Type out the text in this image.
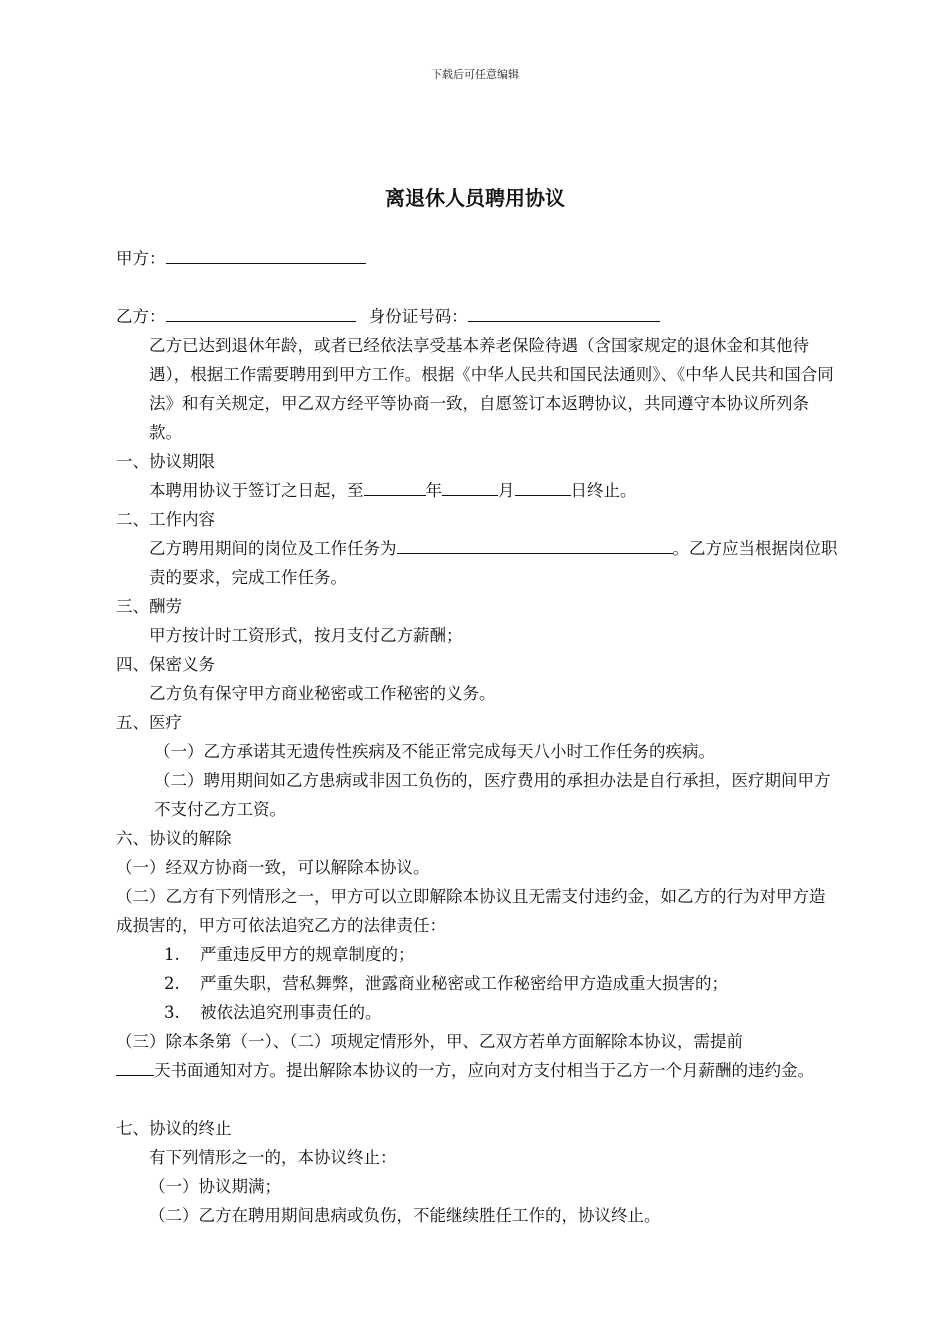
下载后可任意编辑
离退休人员聘用协议
甲方：
乙方：	身份证号码：
乙方已达到退休年龄，或者已经依法享受基本养老保险待遇（含国家规定的退休金和其他待遇），根据工作需要聘用到甲方工作。根据《中华人民共和国民法通则》、《中华人民共和国合同法》和有关规定，甲乙双方经平等协商一致，自愿签订本返聘协议，共同遵守本协议所列条款。
一、协议期限
本聘用协议于签订之日起，至	年	月	日终止。
二、工作内容
乙方聘用期间的岗位及工作任务为	。乙方应当根据岗位职责的要求，完成工作任务。
三、酬劳
甲方按计时工资形式，按月支付乙方薪酬；
四、保密义务
乙方负有保守甲方商业秘密或工作秘密的义务。
五、医疗
（一）乙方承诺其无遗传性疾病及不能正常完成每天八小时工作任务的疾病。
（二）聘用期间如乙方患病或非因工负伤的，医疗费用的承担办法是自行承担，医疗期间甲方不支付乙方工资。
六、协议的解除
（一）经双方协商一致，可以解除本协议。
（二）乙方有下列情形之一，甲方可以立即解除本协议且无需支付违约金，如乙方的行为对甲方造成损害的，甲方可依法追究乙方的法律责任：
1. 严重违反甲方的规章制度的；
2. 严重失职，营私舞弊，泄露商业秘密或工作秘密给甲方造成重大损害的；
3. 被依法追究刑事责任的。
（三）除本条第（一）、（二）项规定情形外，甲、乙双方若单方面解除本协议，需提前
天书面通知对方。提出解除本协议的一方，应向对方支付相当于乙方一个月薪酬的违约金。
七、协议的终止
有下列情形之一的，本协议终止：
（一）协议期满；
（二）乙方在聘用期间患病或负伤，不能继续胜任工作的，协议终止。
